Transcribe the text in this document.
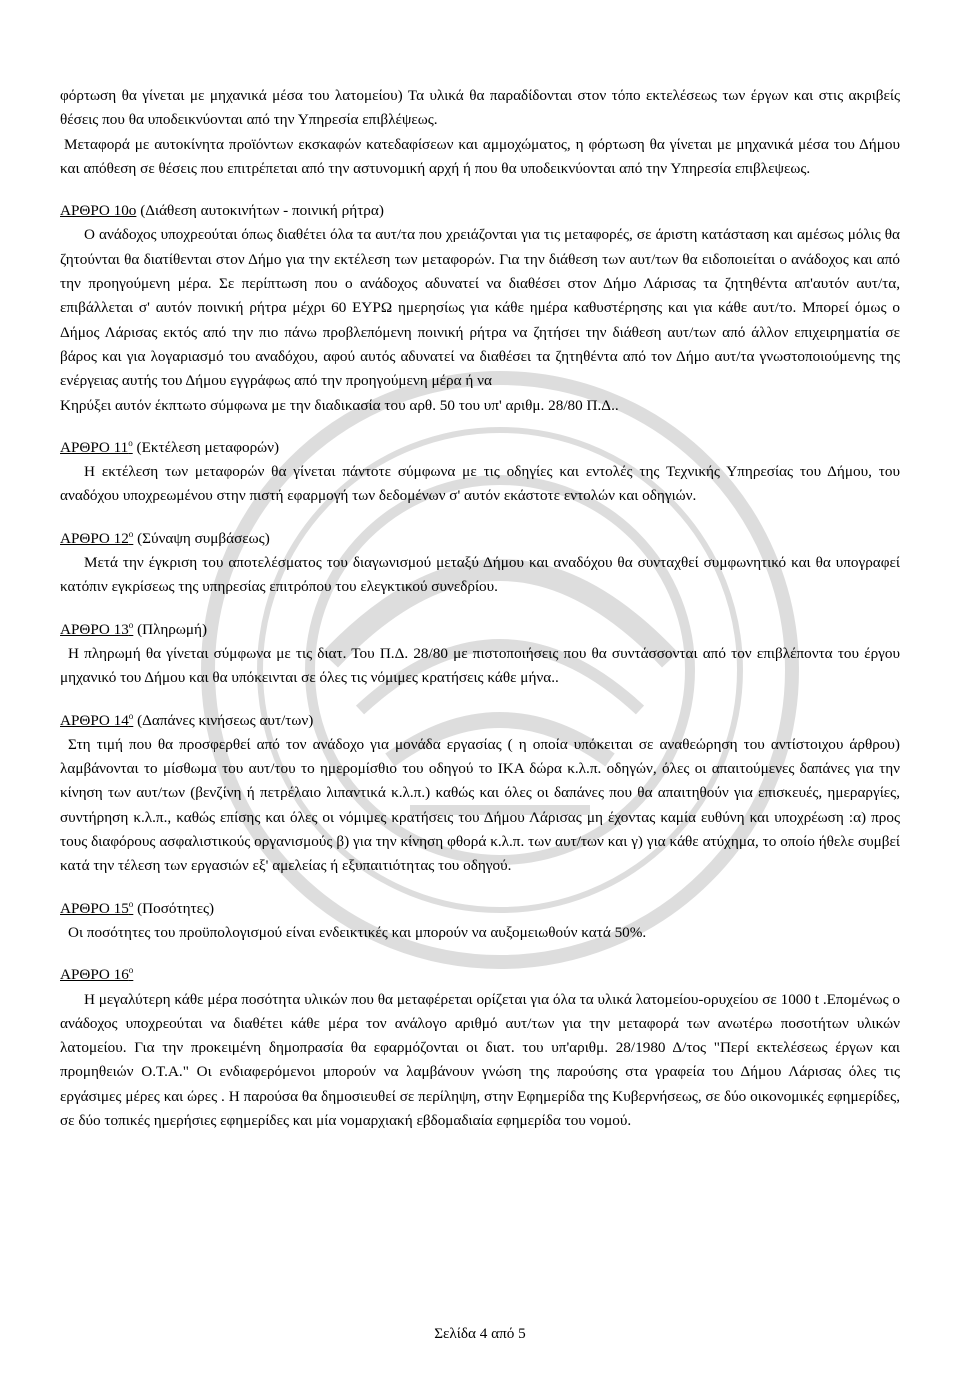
φόρτωση θα γίνεται με μηχανικά μέσα του λατομείου) Τα υλικά θα παραδίδονται στον τόπο εκτελέσεως των έργων και στις ακριβείς θέσεις που θα υποδεικνύονται από την Υπηρεσία επιβλέψεως.

Μεταφορά με αυτοκίνητα προϊόντων εκσκαφών κατεδαφίσεων και αμμοχώματος, η φόρτωση θα γίνεται με μηχανικά μέσα του Δήμου και απόθεση σε θέσεις που επιτρέπεται από την αστυνομική αρχή ή που θα υποδεικνύονται από την Υπηρεσία επιβλεψεως.

ΑΡΘΡΟ 10ο (Διάθεση αυτοκινήτων - ποινική ρήτρα)

Ο ανάδοχος υποχρεούται όπως διαθέτει όλα τα αυτ/τα που χρειάζονται για τις μεταφορές, σε άριστη κατάσταση και αμέσως μόλις θα ζητούνται θα διατίθενται στον Δήμο για την εκτέλεση των μεταφορών. Για την διάθεση των αυτ/των θα ειδοποιείται ο ανάδοχος και από την προηγούμενη μέρα. Σε περίπτωση που ο ανάδοχος αδυνατεί να διαθέσει στον Δήμο Λάρισας τα ζητηθέντα απ'αυτόν αυτ/τα, επιβάλλεται σ' αυτόν ποινική ρήτρα μέχρι 60 ΕΥΡΩ ημερησίως για κάθε ημέρα καθυστέρησης και για κάθε αυτ/το. Μπορεί όμως ο Δήμος Λάρισας εκτός από την πιο πάνω προβλεπόμενη ποινική ρήτρα να ζητήσει την διάθεση αυτ/των από άλλον επιχειρηματία σε βάρος και για λογαριασμό του αναδόχου, αφού αυτός αδυνατεί να διαθέσει τα ζητηθέντα από τον Δήμο αυτ/τα γνωστοποιούμενης της ενέργειας αυτής του Δήμου εγγράφως από την προηγούμενη μέρα ή να

Κηρύξει αυτόν έκπτωτο σύμφωνα με την διαδικασία του αρθ. 50 του υπ' αριθμ. 28/80 Π.Δ..

ΑΡΘΡΟ $11^o$ (Εκτέλεση μεταφορών)

Η εκτέλεση των μεταφορών θα γίνεται πάντοτε σύμφωνα με τις οδηγίες και εντολές της Τεχνικής Υπηρεσίας του Δήμου, του αναδόχου υποχρεωμένου στην πιστή εφαρμογή των δεδομένων σ' αυτόν εκάστοτε εντολών και οδηγιών.

ΑΡΘΡΟ $12^o$ (Σύναψη συμβάσεως)

Μετά την έγκριση του αποτελέσματος του διαγωνισμού μεταξύ Δήμου και αναδόχου θα συνταχθεί συμφωνητικό και θα υπογραφεί κατόπιν εγκρίσεως της υπηρεσίας επιτρόπου του ελεγκτικού συνεδρίου.

ΑΡΘΡΟ $13^o$ (Πληρωμή)

Η πληρωμή θα γίνεται σύμφωνα με τις διατ. Του Π.Δ. 28/80 με πιστοποιήσεις που θα συντάσσονται από τον επιβλέποντα του έργου μηχανικό του Δήμου και θα υπόκεινται σε όλες τις νόμιμες κρατήσεις κάθε μήνα..

ΑΡΘΡΟ $14^o$ (Δαπάνες κινήσεως αυτ/των)

Στη τιμή που θα προσφερθεί από τον ανάδοχο για μονάδα εργασίας ( η οποία υπόκειται σε αναθεώρηση του αντίστοιχου άρθρου) λαμβάνονται το μίσθωμα του αυτ/του το ημερομίσθιο του οδηγού το ΙΚΑ δώρα κ.λ.π. οδηγών, όλες οι απαιτούμενες δαπάνες για την κίνηση των αυτ/των (βενζίνη ή πετρέλαιο λιπαντικά κ.λ.π.) καθώς και όλες οι δαπάνες που θα απαιτηθούν για επισκευές, ημεραργίες, συντήρηση κ.λ.π., καθώς επίσης και όλες οι νόμιμες κρατήσεις του Δήμου Λάρισας μη έχοντας καμία ευθύνη και υποχρέωση :α) προς τους διαφόρους ασφαλιστικούς οργανισμούς β) για την κίνηση φθορά κ.λ.π. των αυτ/των και γ) για κάθε ατύχημα, το οποίο ήθελε συμβεί κατά την τέλεση των εργασιών εξ' αμελείας ή εξυπαιτιότητας του οδηγού.

ΑΡΘΡΟ $15^o$ (Ποσότητες)

Οι ποσότητες του προϋπολογισμού είναι ενδεικτικές και μπορούν να αυξομειωθούν κατά 50%.

ΑΡΘΡΟ $16^o$

Η μεγαλύτερη κάθε μέρα ποσότητα υλικών που θα μεταφέρεται ορίζεται για όλα τα υλικά λατομείου-ορυχείου σε 1000 t .Επομένως ο ανάδοχος υποχρεούται να διαθέτει κάθε μέρα τον ανάλογο αριθμό αυτ/των για την μεταφορά των ανωτέρω ποσοτήτων υλικών λατομείου. Για την προκειμένη δημοπρασία θα εφαρμόζονται οι διατ. του υπ'αριθμ. 28/1980 Δ/τος "Περί εκτελέσεως έργων και προμηθειών Ο.Τ.Α." Οι ενδιαφερόμενοι μπορούν να λαμβάνουν γνώση της παρούσης στα γραφεία του Δήμου Λάρισας όλες τις εργάσιμες μέρες και ώρες . Η παρούσα θα δημοσιευθεί σε περίληψη, στην Εφημερίδα της Κυβερνήσεως, σε δύο οικονομικές εφημερίδες, σε δύο τοπικές ημερήσιες εφημερίδες και μία νομαρχιακή εβδομαδιαία εφημερίδα του νομού.

Σελίδα 4 από 5
